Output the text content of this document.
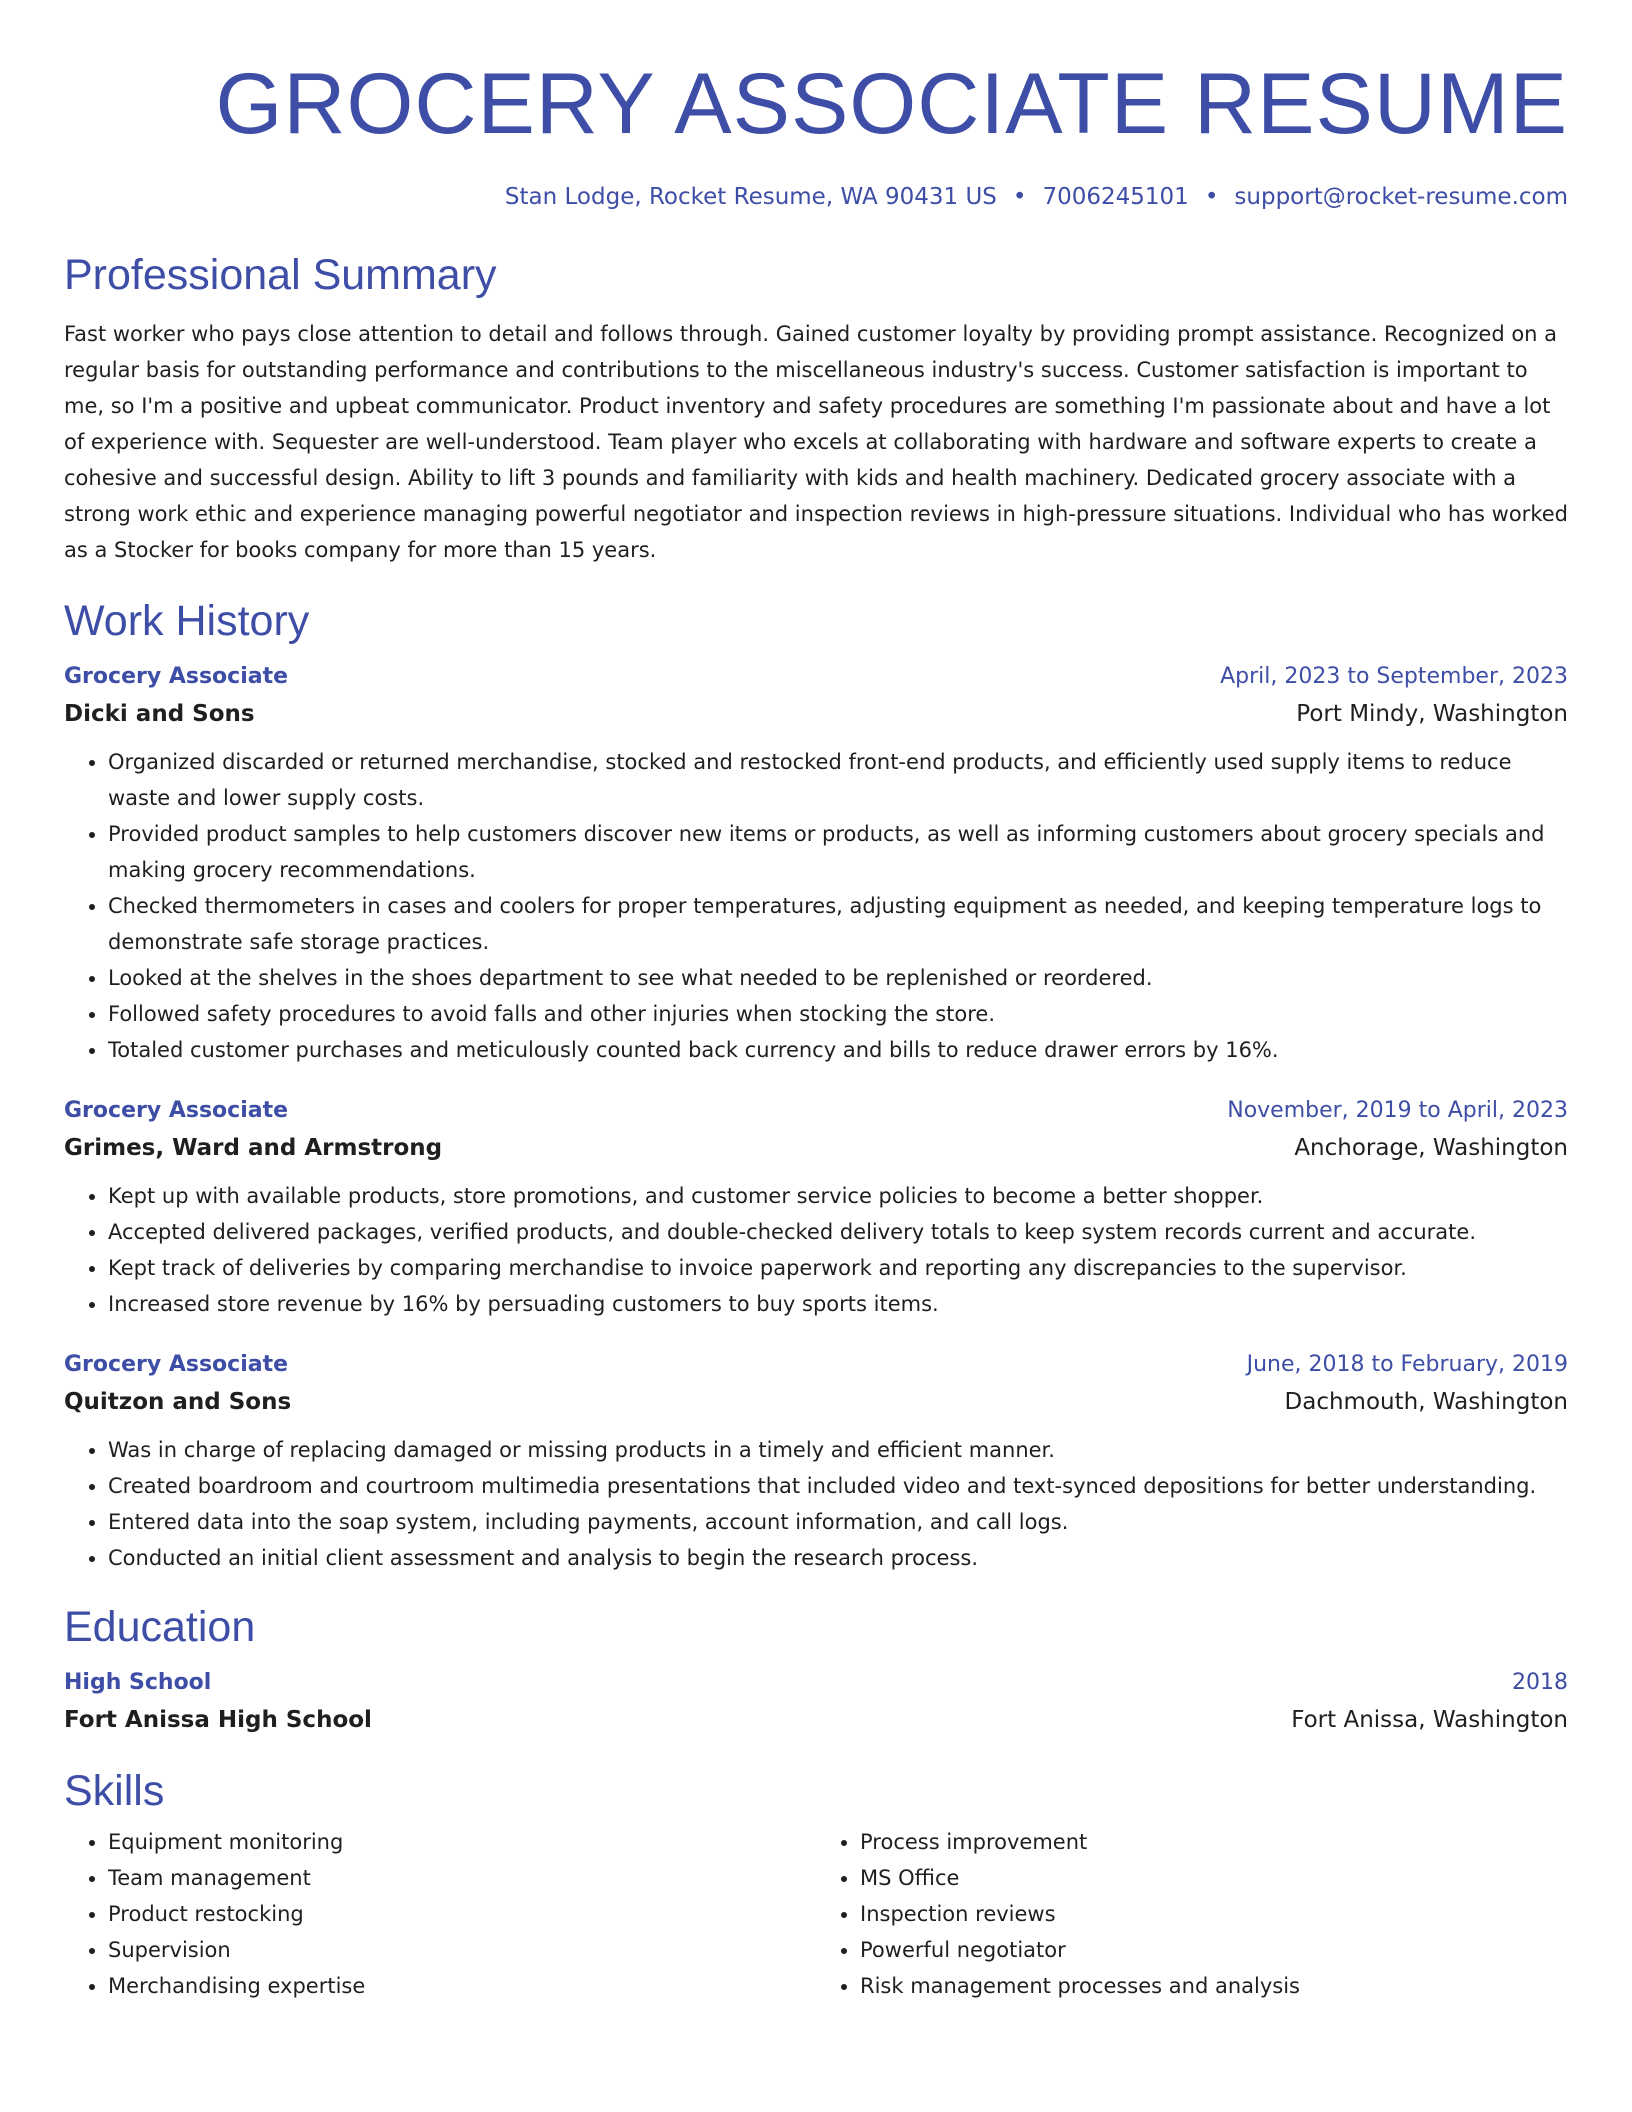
GROCERY ASSOCIATE RESUME
Stan Lodge, Rocket Resume, WA 90431 US • 7006245101 • support@rocket-resume.com
Professional Summary

Fast worker who pays close attention to detail and follows through. Gained customer loyalty by providing prompt assistance. Recognized on a regular basis for outstanding performance and contributions to the miscellaneous industry's success. Customer satisfaction is important to me, so I'm a positive and upbeat communicator. Product inventory and safety procedures are something I'm passionate about and have a lot of experience with. Sequester are well-understood. Team player who excels at collaborating with hardware and software experts to create a cohesive and successful design. Ability to lift 3 pounds and familiarity with kids and health machinery. Dedicated grocery associate with a strong work ethic and experience managing powerful negotiator and inspection reviews in high-pressure situations. Individual who has worked as a Stocker for books company for more than 15 years.

Work History
Grocery Associate	April, 2023 to September, 2023
Dicki and Sons	Port Mindy, Washington
• Organized discarded or returned merchandise, stocked and restocked front-end products, and efficiently used supply items to reduce waste and lower supply costs.
• Provided product samples to help customers discover new items or products, as well as informing customers about grocery specials and making grocery recommendations.
• Checked thermometers in cases and coolers for proper temperatures, adjusting equipment as needed, and keeping temperature logs to demonstrate safe storage practices.
• Looked at the shelves in the shoes department to see what needed to be replenished or reordered.
• Followed safety procedures to avoid falls and other injuries when stocking the store.
• Totaled customer purchases and meticulously counted back currency and bills to reduce drawer errors by 16%.
Grocery Associate	November, 2019 to April, 2023
Grimes, Ward and Armstrong	Anchorage, Washington
• Kept up with available products, store promotions, and customer service policies to become a better shopper.
• Accepted delivered packages, verified products, and double-checked delivery totals to keep system records current and accurate.
• Kept track of deliveries by comparing merchandise to invoice paperwork and reporting any discrepancies to the supervisor.
• Increased store revenue by 16% by persuading customers to buy sports items.
Grocery Associate	June, 2018 to February, 2019
Quitzon and Sons	Dachmouth, Washington
• Was in charge of replacing damaged or missing products in a timely and efficient manner.
• Created boardroom and courtroom multimedia presentations that included video and text-synced depositions for better understanding.
• Entered data into the soap system, including payments, account information, and call logs.
• Conducted an initial client assessment and analysis to begin the research process.
Education
High School	2018
Fort Anissa High School	Fort Anissa, Washington
Skills
• Equipment monitoring
• Team management
• Product restocking
• Supervision
• Merchandising expertise
• Process improvement
• MS Office
• Inspection reviews
• Powerful negotiator
• Risk management processes and analysis
